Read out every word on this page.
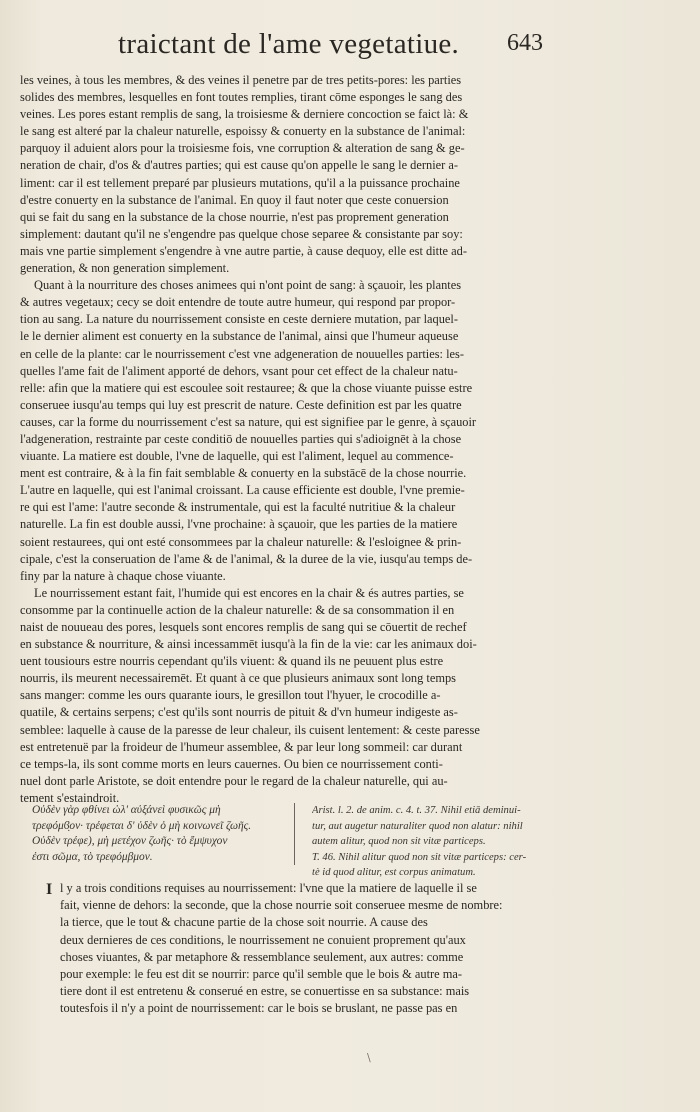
traictant de l'ame vegetatiue. 643
les veines, à tous les membres, & des veines il penetre par de tres petits-pores: les parties
solides des membres, lesquelles en font toutes remplies, tirant cōme esponges le sang des
veines. Les pores estant remplis de sang, la troisiesme & derniere concoction se faict là: &
le sang est alteré par la chaleur naturelle, espoissy & conuerty en la substance de l'animal:
parquoy il aduient alors pour la troisiesme fois, vne corruption & alteration de sang & ge-
neration de chair, d'os & d'autres parties; qui est cause qu'on appelle le sang le dernier a-
liment: car il est tellement preparé par plusieurs mutations, qu'il a la puissance prochaine
d'estre conuerty en la substance de l'animal. En quoy il faut noter que ceste conuersion
qui se fait du sang en la substance de la chose nourrie, n'est pas proprement generation
simplement: dautant qu'il ne s'engendre pas quelque chose separee & consistante par soy:
mais vne partie simplement s'engendre à vne autre partie, à cause dequoy, elle est ditte ad-
generation, & non generation simplement.
Quant à la nourriture des choses animees qui n'ont point de sang: à sçauoir, les plantes
& autres vegetaux; cecy se doit entendre de toute autre humeur, qui respond par propor-
tion au sang. La nature du nourrissement consiste en ceste derniere mutation, par laquel-
le le dernier aliment est conuerty en la substance de l'animal, ainsi que l'humeur aqueuse
en celle de la plante: car le nourrissement c'est vne adgeneration de nouuelles parties: les-
quelles l'ame fait de l'aliment apporté de dehors, vsant pour cet effect de la chaleur natu-
relle: afin que la matiere qui est escoulee soit restauree; & que la chose viuante puisse estre
conseruee iusqu'au temps qui luy est prescrit de nature. Ceste definition est par les quatre
causes, car la forme du nourrissement c'est sa nature, qui est signifiee par le genre, à sçauoir
l'adgeneration, restrainte par ceste conditiō de nouuelles parties qui s'adioignēt à la chose
viuante. La matiere est double, l'vne de laquelle, qui est l'aliment, lequel au commence-
ment est contraire, & à la fin fait semblable & conuerty en la substācē de la chose nourrie.
L'autre en laquelle, qui est l'animal croissant. La cause efficiente est double, l'vne premie-
re qui est l'ame: l'autre seconde & instrumentale, qui est la faculté nutritiue & la chaleur
naturelle. La fin est double aussi, l'vne prochaine: à sçauoir, que les parties de la matiere
soient restaurees, qui ont esté consommees par la chaleur naturelle: & l'esloignee & prin-
cipale, c'est la conseruation de l'ame & de l'animal, & la duree de la vie, iusqu'au temps de-
finy par la nature à chaque chose viuante.
Le nourrissement estant fait, l'humide qui est encores en la chair & és autres parties, se
consomme par la continuelle action de la chaleur naturelle: & de sa consommation il en
naist de nouueau des pores, lesquels sont encores remplis de sang qui se cōuertit de rechef
en substance & nourriture, & ainsi incessammēt iusqu'à la fin de la vie: car les animaux doi-
uent tousiours estre nourris cependant qu'ils viuent: & quand ils ne peuuent plus estre
nourris, ils meurent necessairemēt. Et quant à ce que plusieurs animaux sont long temps
sans manger: comme les ours quarante iours, le gresillon tout l'hyuer, le crocodille a-
quatile, & certains serpens; c'est qu'ils sont nourris de pituit & d'vn humeur indigeste as-
semblee: laquelle à cause de la paresse de leur chaleur, ils cuisent lentement: & ceste paresse
est entretenuë par la froideur de l'humeur assemblee, & par leur long sommeil: car durant
ce temps-la, ils sont comme morts en leurs cauernes. Ou bien ce nourrissement conti-
nuel dont parle Aristote, se doit entendre pour le regard de la chaleur naturelle, qui au-
tement s'estaindroit.
Οὐδὲν γὰρ φθίνει ὡλ' αὐξάνεὶ φυσικῶς μὴ
τρεφόμϐ̣ον· τρέφεται δ' ὐδὲν ὁ μὴ κοινωνεῖ ζωῆς.
Οὐδὲν τρέφε), μὴ μετέχον ζωῆς· τὸ ἔμψυχον
ἐστι σῶμα, τὸ τρεφόμβμον.
Arist. l. 2. de anim. c. 4. t. 37. Nihil etiā deminui-
tur, aut augetur naturaliter quod non alatur: nihil
autem alitur, quod non sit vitæ particeps.
T. 46. Nihil alitur quod non sit vitæ particeps: cer-
tè id quod alitur, est corpus animatum.
I l y a trois conditions requises au nourrissement: l'vne que la matiere de laquelle il se
fait, vienne de dehors: la seconde, que la chose nourrie soit conseruee mesme de nombre:
la tierce, que le tout & chacune partie de la chose soit nourrie. A cause des
deux dernieres de ces conditions, le nourrissement ne conuient proprement qu'aux
choses viuantes, & par metaphore & ressemblance seulement, aux autres: comme
pour exemple: le feu est dit se nourrir: parce qu'il semble que le bois & autre ma-
tiere dont il est entretenu & conserué en estre, se conuertisse en sa substance: mais
toutesfois il n'y a point de nourrissement: car le bois se bruslant, ne passe pas en
\
